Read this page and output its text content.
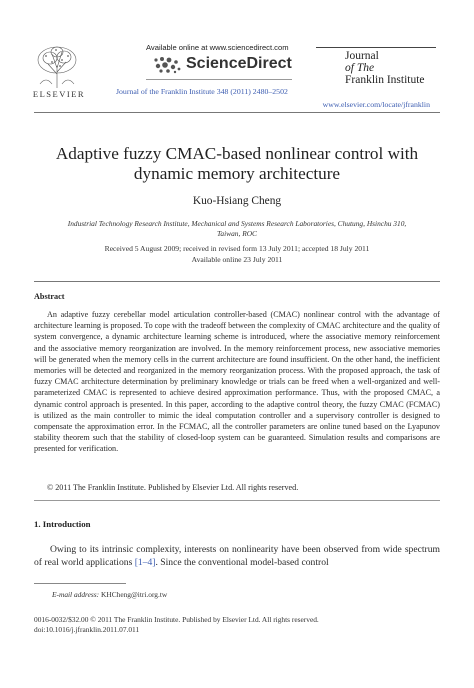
ELSEVIER
Available online at www.sciencedirect.com
ScienceDirect
Journal of the Franklin Institute 348 (2011) 2480–2502
Journal
of The
Franklin Institute
www.elsevier.com/locate/jfranklin
Adaptive fuzzy CMAC-based nonlinear control with
dynamic memory architecture
Kuo-Hsiang Cheng
Industrial Technology Research Institute, Mechanical and Systems Research Laboratories, Chutung, Hsinchu 310,
Taiwan, ROC
Received 5 August 2009; received in revised form 13 July 2011; accepted 18 July 2011
Available online 23 July 2011
Abstract
An adaptive fuzzy cerebellar model articulation controller-based (CMAC) nonlinear control with the advantage of architecture learning is proposed. To cope with the tradeoff between the complexity of CMAC architecture and the quality of system convergence, a dynamic architecture learning scheme is introduced, where the associative memory reinforcement and the associative memory reorganization are involved. In the memory reinforcement process, new associative memories will be generated when the memory cells in the current architecture are found insufficient. On the other hand, the inefficient memories will be detected and reorganized in the memory reorganization process. With the proposed approach, the task of fuzzy CMAC architecture determination by preliminary knowledge or trials can be freed when a well-organized and well-parameterized CMAC is represented to achieve desired approximation performance. Thus, with the proposed CMAC, a dynamic control approach is presented. In this paper, according to the adaptive control theory, the fuzzy CMAC (FCMAC) is utilized as the main controller to mimic the ideal computation controller and a supervisory controller is designed to compensate the approximation error. In the FCMAC, all the controller parameters are online tuned based on the Lyapunov stability theorem such that the stability of closed-loop system can be guaranteed. Simulation results and comparisons are presented for verification.
© 2011 The Franklin Institute. Published by Elsevier Ltd. All rights reserved.
1. Introduction
Owing to its intrinsic complexity, interests on nonlinearity have been observed from wide spectrum of real world applications [1–4]. Since the conventional model-based control
E-mail address: KHCheng@itri.org.tw
0016-0032/$32.00 © 2011 The Franklin Institute. Published by Elsevier Ltd. All rights reserved.
doi:10.1016/j.jfranklin.2011.07.011
